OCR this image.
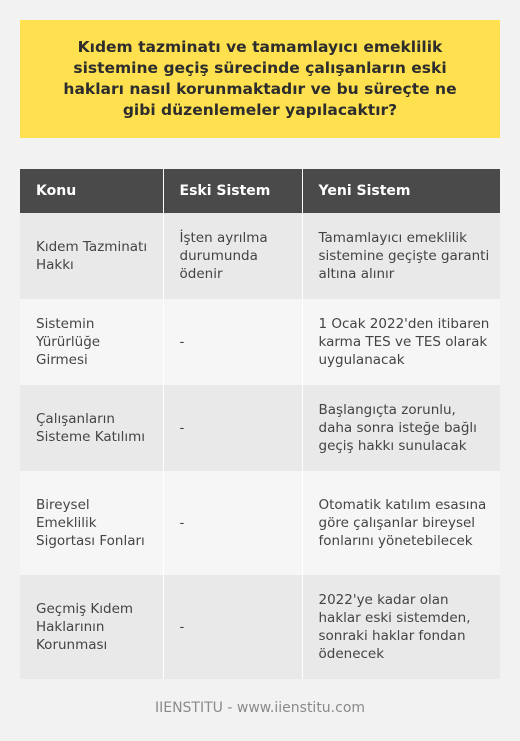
Kıdem tazminatı ve tamamlayıcı emeklilik sistemine geçiş sürecinde çalışanların eski hakları nasıl korunmaktadır ve bu süreçte ne gibi düzenlemeler yapılacaktır?

Konu	Eski Sistem	Yeni Sistem
Kıdem Tazminatı Hakkı	İşten ayrılma durumunda ödenir	Tamamlayıcı emeklilik sistemine geçişte garanti altına alınır
Sistemin Yürürlüğe Girmesi	-	1 Ocak 2022'den itibaren karma TES ve TES olarak uygulanacak
Çalışanların Sisteme Katılımı	-	Başlangıçta zorunlu, daha sonra isteğe bağlı geçiş hakkı sunulacak
Bireysel Emeklilik Sigortası Fonları	-	Otomatik katılım esasına göre çalışanlar bireysel fonlarını yönetebilecek
Geçmiş Kıdem Haklarının Korunması	-	2022'ye kadar olan haklar eski sistemden, sonraki haklar fondan ödenecek
IIENSTITU - www.iienstitu.com
